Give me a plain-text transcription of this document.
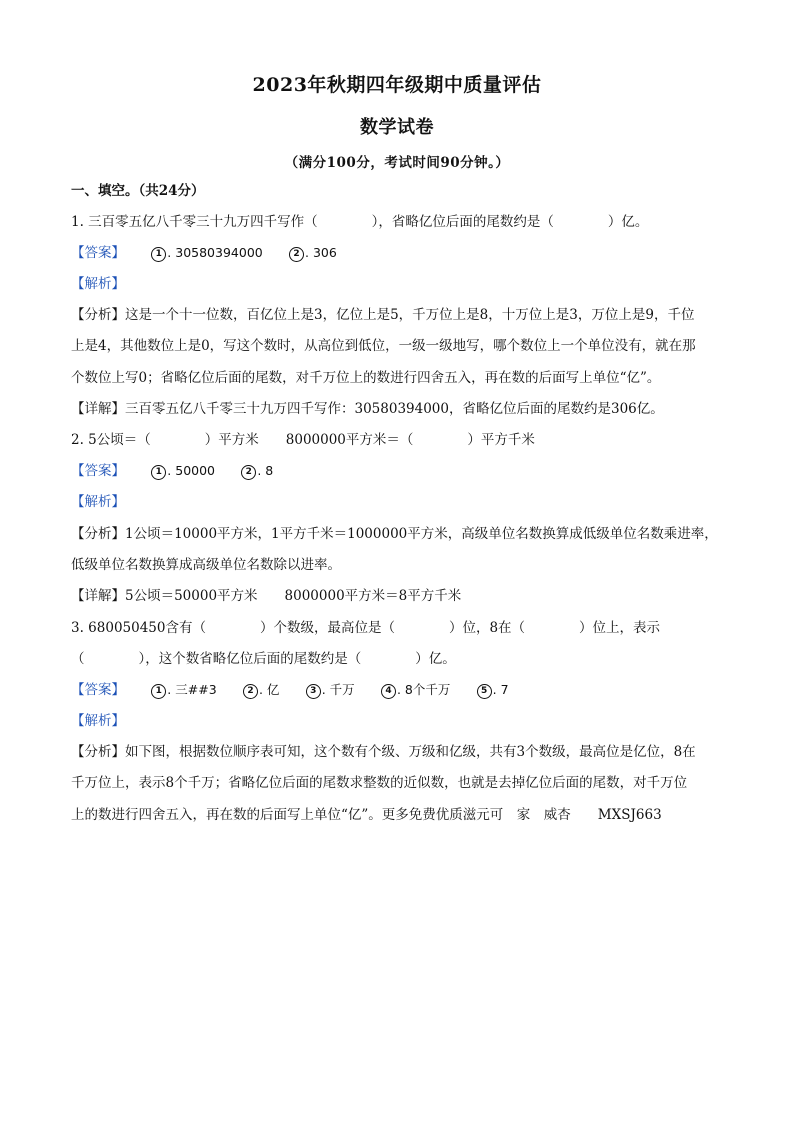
2023年秋期四年级期中质量评估
数学试卷
（满分100分，考试时间90分钟。）
一、填空。（共24分）
1. 三百零五亿八千零三十九万四千写作（　　　　），省略亿位后面的尾数约是（　　　　）亿。
【答案】	1 . 30580394000	2 . 306
【解析】
【分析】这是一个十一位数，百亿位上是3，亿位上是5，千万位上是8，十万位上是3，万位上是9，千位
上是4，其他数位上是0，写这个数时，从高位到低位，一级一级地写，哪个数位上一个单位没有，就在那
个数位上写0；省略亿位后面的尾数，对千万位上的数进行四舍五入，再在数的后面写上单位“亿”。
【详解】三百零五亿八千零三十九万四千写作：30580394000，省略亿位后面的尾数约是306亿。
2. 5公顷＝（　　　　）平方米　　8000000平方米＝（　　　　）平方千米
【答案】	1 . 50000	2 . 8
【解析】
【分析】1公顷＝10000平方米，1平方千米＝1000000平方米，高级单位名数换算成低级单位名数乘进率，
低级单位名数换算成高级单位名数除以进率。
【详解】5公顷＝50000平方米　　8000000平方米＝8平方千米
3. 680050450含有（　　　　）个数级，最高位是（　　　　）位，8在（　　　　）位上，表示
（　　　　），这个数省略亿位后面的尾数约是（　　　　）亿。
【答案】	1 . 三##3	2 . 亿	3 . 千万	4 . 8个千万	5 . 7
【解析】
【分析】如下图，根据数位顺序表可知，这个数有个级、万级和亿级，共有3个数级，最高位是亿位，8在
千万位上，表示8个千万；省略亿位后面的尾数求整数的近似数，也就是去掉亿位后面的尾数，对千万位
上的数进行四舍五入，再在数的后面写上单位“亿”。更多免费优质滋元可　家　威杏　　MXSJ663
